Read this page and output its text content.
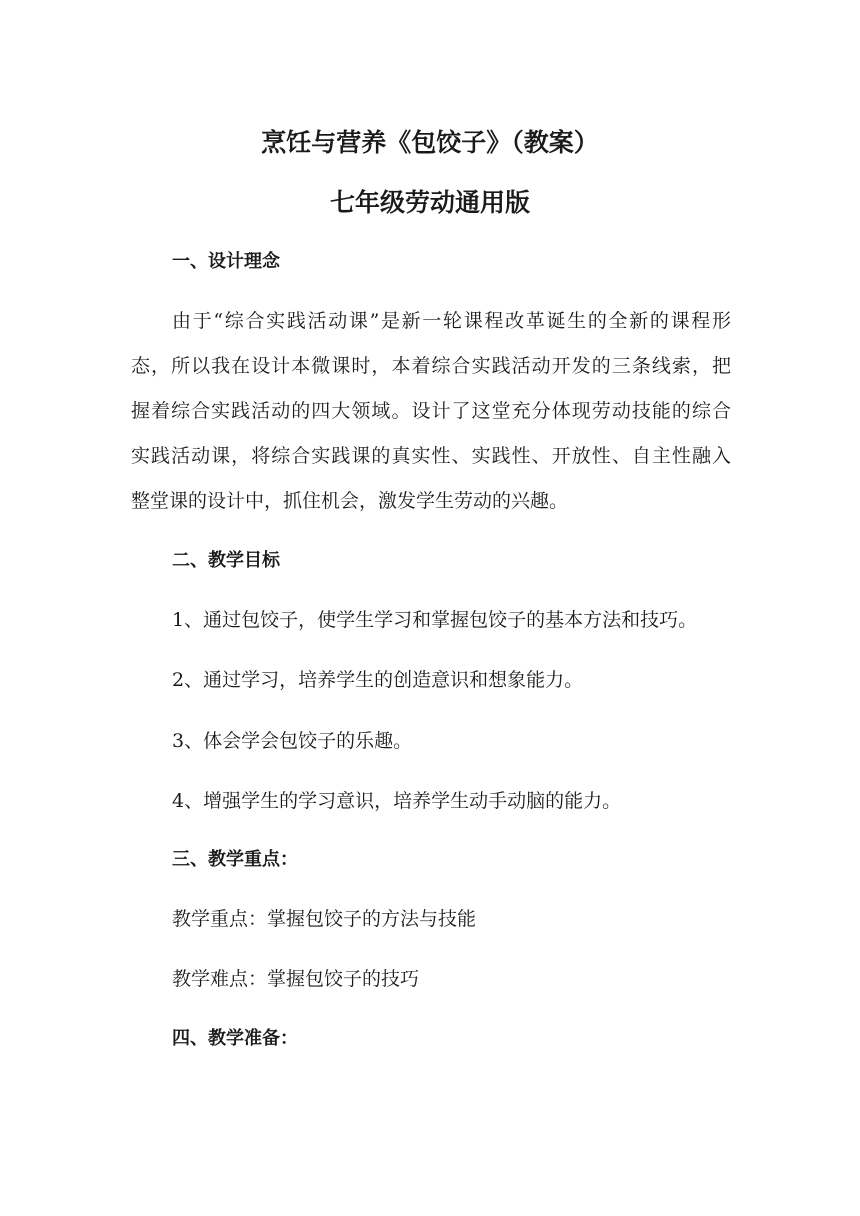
烹饪与营养《包饺子》（教案）
七年级劳动通用版
一、设计理念
由于“综合实践活动课”是新一轮课程改革诞生的全新的课程形
态，所以我在设计本微课时，本着综合实践活动开发的三条线索，把
握着综合实践活动的四大领域。设计了这堂充分体现劳动技能的综合
实践活动课，将综合实践课的真实性、实践性、开放性、自主性融入
整堂课的设计中，抓住机会，激发学生劳动的兴趣。
二、教学目标
1、通过包饺子，使学生学习和掌握包饺子的基本方法和技巧。
2、通过学习，培养学生的创造意识和想象能力。
3、体会学会包饺子的乐趣。
4、增强学生的学习意识，培养学生动手动脑的能力。
三、教学重点：
教学重点：掌握包饺子的方法与技能
教学难点：掌握包饺子的技巧
四、教学准备：
